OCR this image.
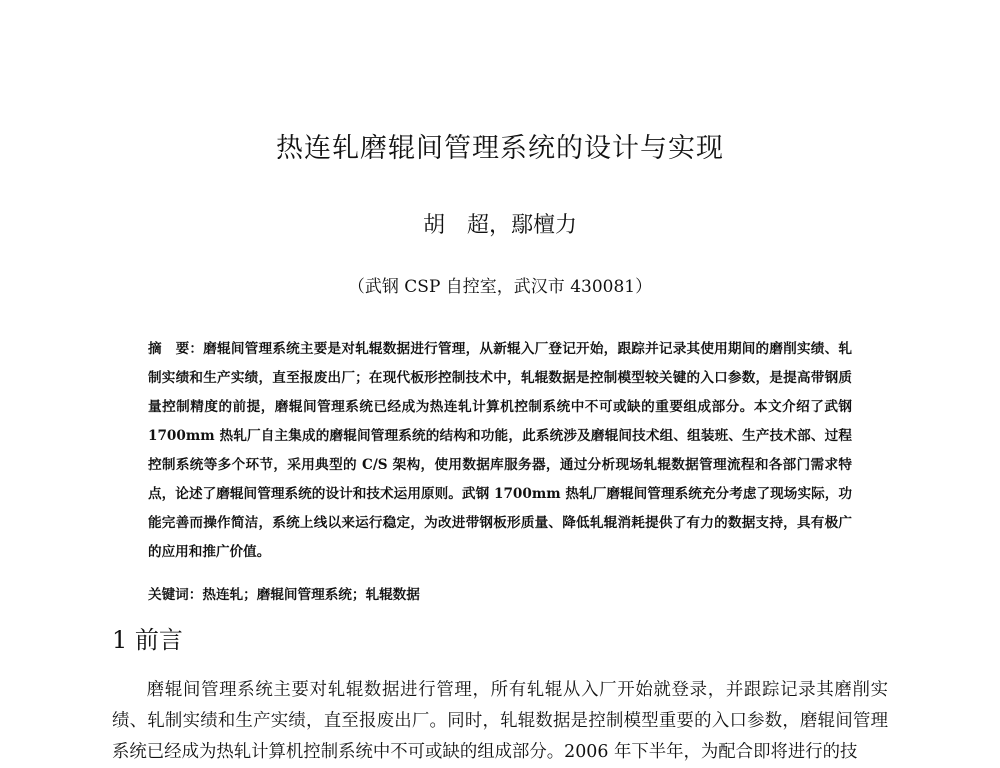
热连轧磨辊间管理系统的设计与实现
胡　超，鄢檀力
（武钢 CSP 自控室，武汉市 430081）

摘　要：磨辊间管理系统主要是对轧辊数据进行管理，从新辊入厂登记开始，跟踪并记录其使用期间的磨削实绩、轧制实绩和生产实绩，直至报废出厂；在现代板形控制技术中，轧辊数据是控制模型较关键的入口参数，是提高带钢质量控制精度的前提，磨辊间管理系统已经成为热连轧计算机控制系统中不可或缺的重要组成部分。本文介绍了武钢 1700mm 热轧厂自主集成的磨辊间管理系统的结构和功能，此系统涉及磨辊间技术组、组装班、生产技术部、过程控制系统等多个环节，采用典型的 C/S 架构，使用数据库服务器，通过分析现场轧辊数据管理流程和各部门需求特点，论述了磨辊间管理系统的设计和技术运用原则。武钢 1700mm 热轧厂磨辊间管理系统充分考虑了现场实际，功能完善而操作简洁，系统上线以来运行稳定，为改进带钢板形质量、降低轧辊消耗提供了有力的数据支持，具有极广的应用和推广价值。

关键词：热连轧；磨辊间管理系统；轧辊数据

1 前言

磨辊间管理系统主要对轧辊数据进行管理，所有轧辊从入厂开始就登录，并跟踪记录其磨削实绩、轧制实绩和生产实绩，直至报废出厂。同时，轧辊数据是控制模型重要的入口参数，磨辊间管理系统已经成为热轧计算机控制系统中不可或缺的组成部分。2006 年下半年，为配合即将进行的技
